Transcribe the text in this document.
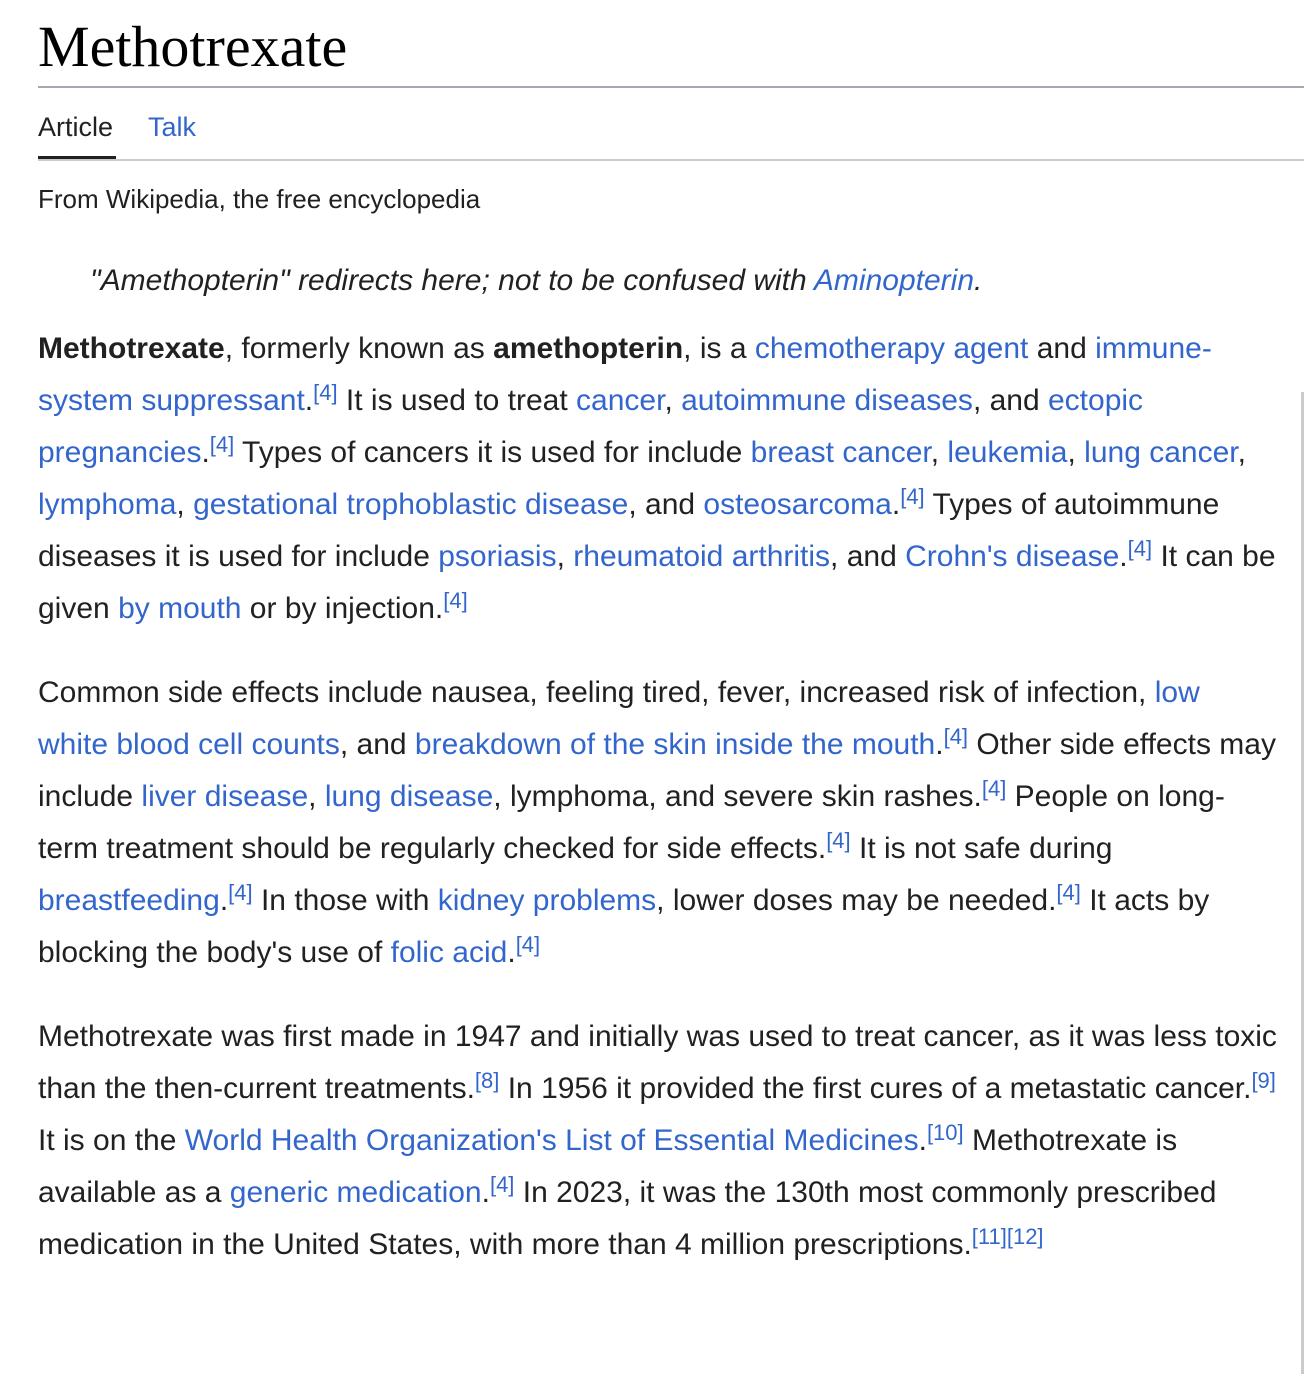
Methotrexate
Article Talk
From Wikipedia, the free encyclopedia
"Amethopterin" redirects here; not to be confused with Aminopterin.

Methotrexate, formerly known as amethopterin, is a chemotherapy agent and immune-system suppressant.[4] It is used to treat cancer, autoimmune diseases, and ectopic pregnancies.[4] Types of cancers it is used for include breast cancer, leukemia, lung cancer, lymphoma, gestational trophoblastic disease, and osteosarcoma.[4] Types of autoimmune diseases it is used for include psoriasis, rheumatoid arthritis, and Crohn's disease.[4] It can be given by mouth or by injection.[4]

Common side effects include nausea, feeling tired, fever, increased risk of infection, low white blood cell counts, and breakdown of the skin inside the mouth.[4] Other side effects may include liver disease, lung disease, lymphoma, and severe skin rashes.[4] People on long-term treatment should be regularly checked for side effects.[4] It is not safe during breastfeeding.[4] In those with kidney problems, lower doses may be needed.[4] It acts by blocking the body's use of folic acid.[4]

Methotrexate was first made in 1947 and initially was used to treat cancer, as it was less toxic than the then-current treatments.[8] In 1956 it provided the first cures of a metastatic cancer.[9] It is on the World Health Organization's List of Essential Medicines.[10] Methotrexate is available as a generic medication.[4] In 2023, it was the 130th most commonly prescribed medication in the United States, with more than 4 million prescriptions.[11][12]
